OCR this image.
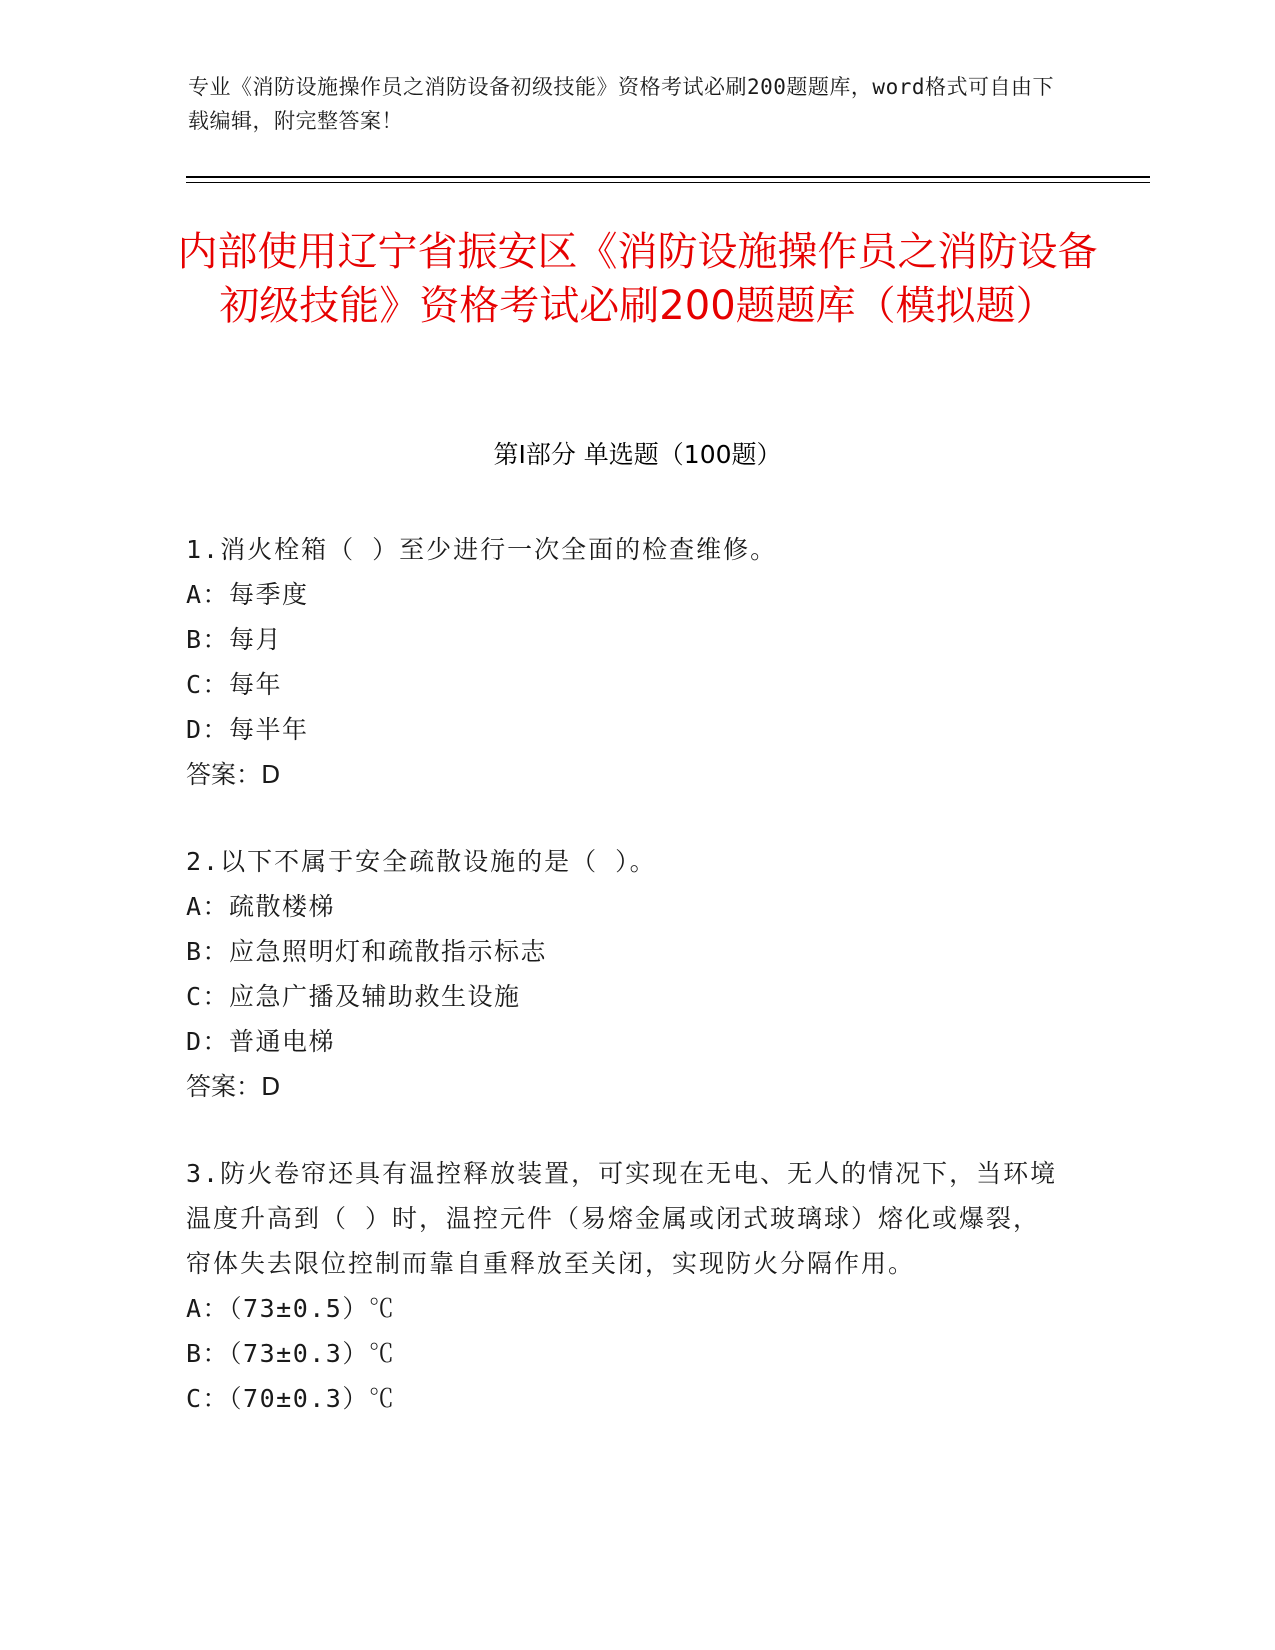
专业《消防设施操作员之消防设备初级技能》资格考试必刷200题题库，word格式可自由下载编辑，附完整答案！
内部使用辽宁省振安区《消防设施操作员之消防设备初级技能》资格考试必刷200题题库（模拟题）
第Ⅰ部分 单选题（100题）
1.消火栓箱（ ）至少进行一次全面的检查维修。
A：每季度
B：每月
C：每年
D：每半年
答案：D
2.以下不属于安全疏散设施的是（ ）。
A：疏散楼梯
B：应急照明灯和疏散指示标志
C：应急广播及辅助救生设施
D：普通电梯
答案：D
3.防火卷帘还具有温控释放装置，可实现在无电、无人的情况下，当环境温度升高到（ ）时，温控元件（易熔金属或闭式玻璃球）熔化或爆裂，帘体失去限位控制而靠自重释放至关闭，实现防火分隔作用。
A：（73±0.5）℃
B：（73±0.3）℃
C：（70±0.3）℃
